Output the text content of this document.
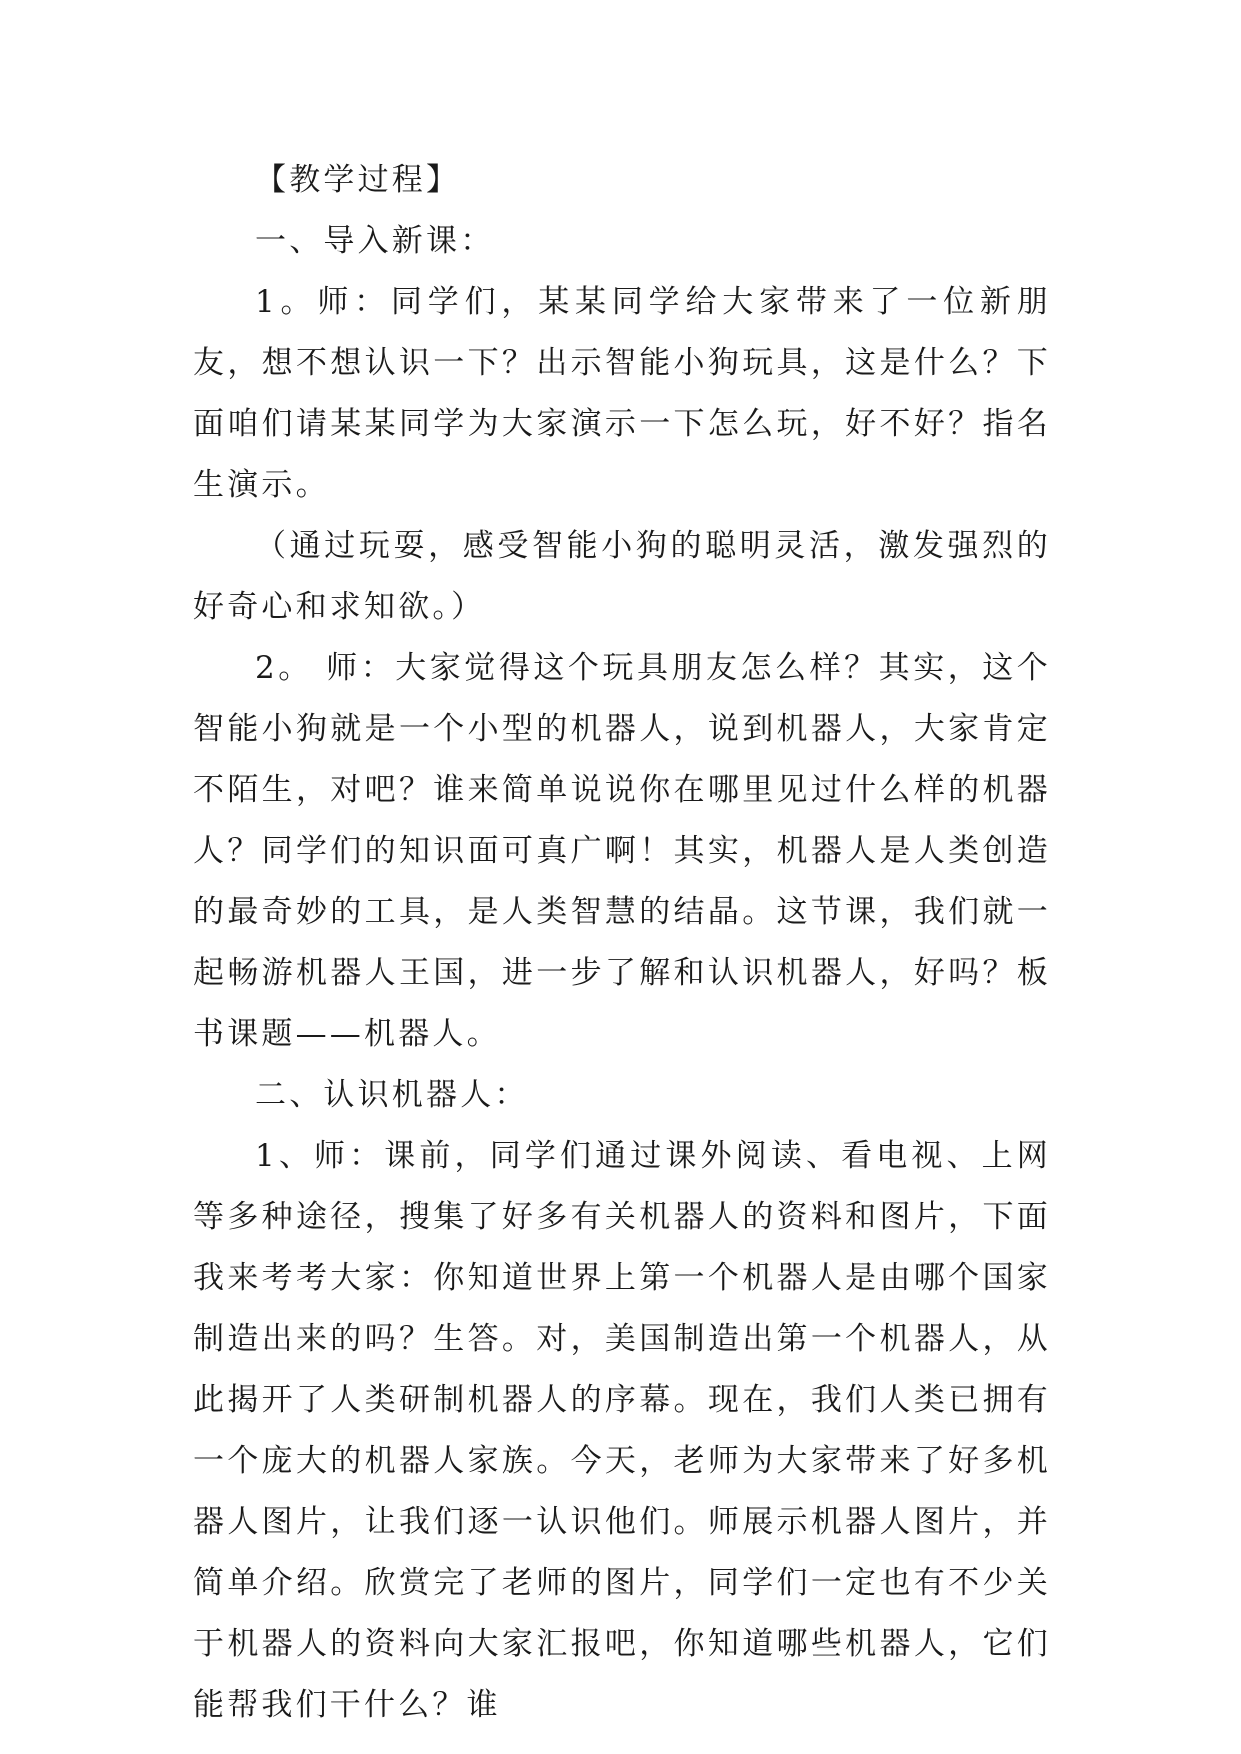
【教学过程】

一、导入新课：

1。师：同学们，某某同学给大家带来了一位新朋友，想不想认识一下？出示智能小狗玩具，这是什么？下面咱们请某某同学为大家演示一下怎么玩，好不好？指名生演示。

（通过玩耍，感受智能小狗的聪明灵活，激发强烈的好奇心和求知欲。）

2。 师：大家觉得这个玩具朋友怎么样？其实，这个智能小狗就是一个小型的机器人，说到机器人，大家肯定不陌生，对吧？谁来简单说说你在哪里见过什么样的机器人？同学们的知识面可真广啊！其实，机器人是人类创造的最奇妙的工具，是人类智慧的结晶。这节课，我们就一起畅游机器人王国，进一步了解和认识机器人，好吗？板书课题——机器人。

二、认识机器人：

1、师：课前，同学们通过课外阅读、看电视、上网等多种途径，搜集了好多有关机器人的资料和图片，下面我来考考大家：你知道世界上第一个机器人是由哪个国家制造出来的吗？生答。对，美国制造出第一个机器人，从此揭开了人类研制机器人的序幕。现在，我们人类已拥有一个庞大的机器人家族。今天，老师为大家带来了好多机器人图片，让我们逐一认识他们。师展示机器人图片，并简单介绍。欣赏完了老师的图片，同学们一定也有不少关于机器人的资料向大家汇报吧，你知道哪些机器人，它们能帮我们干什么？谁
